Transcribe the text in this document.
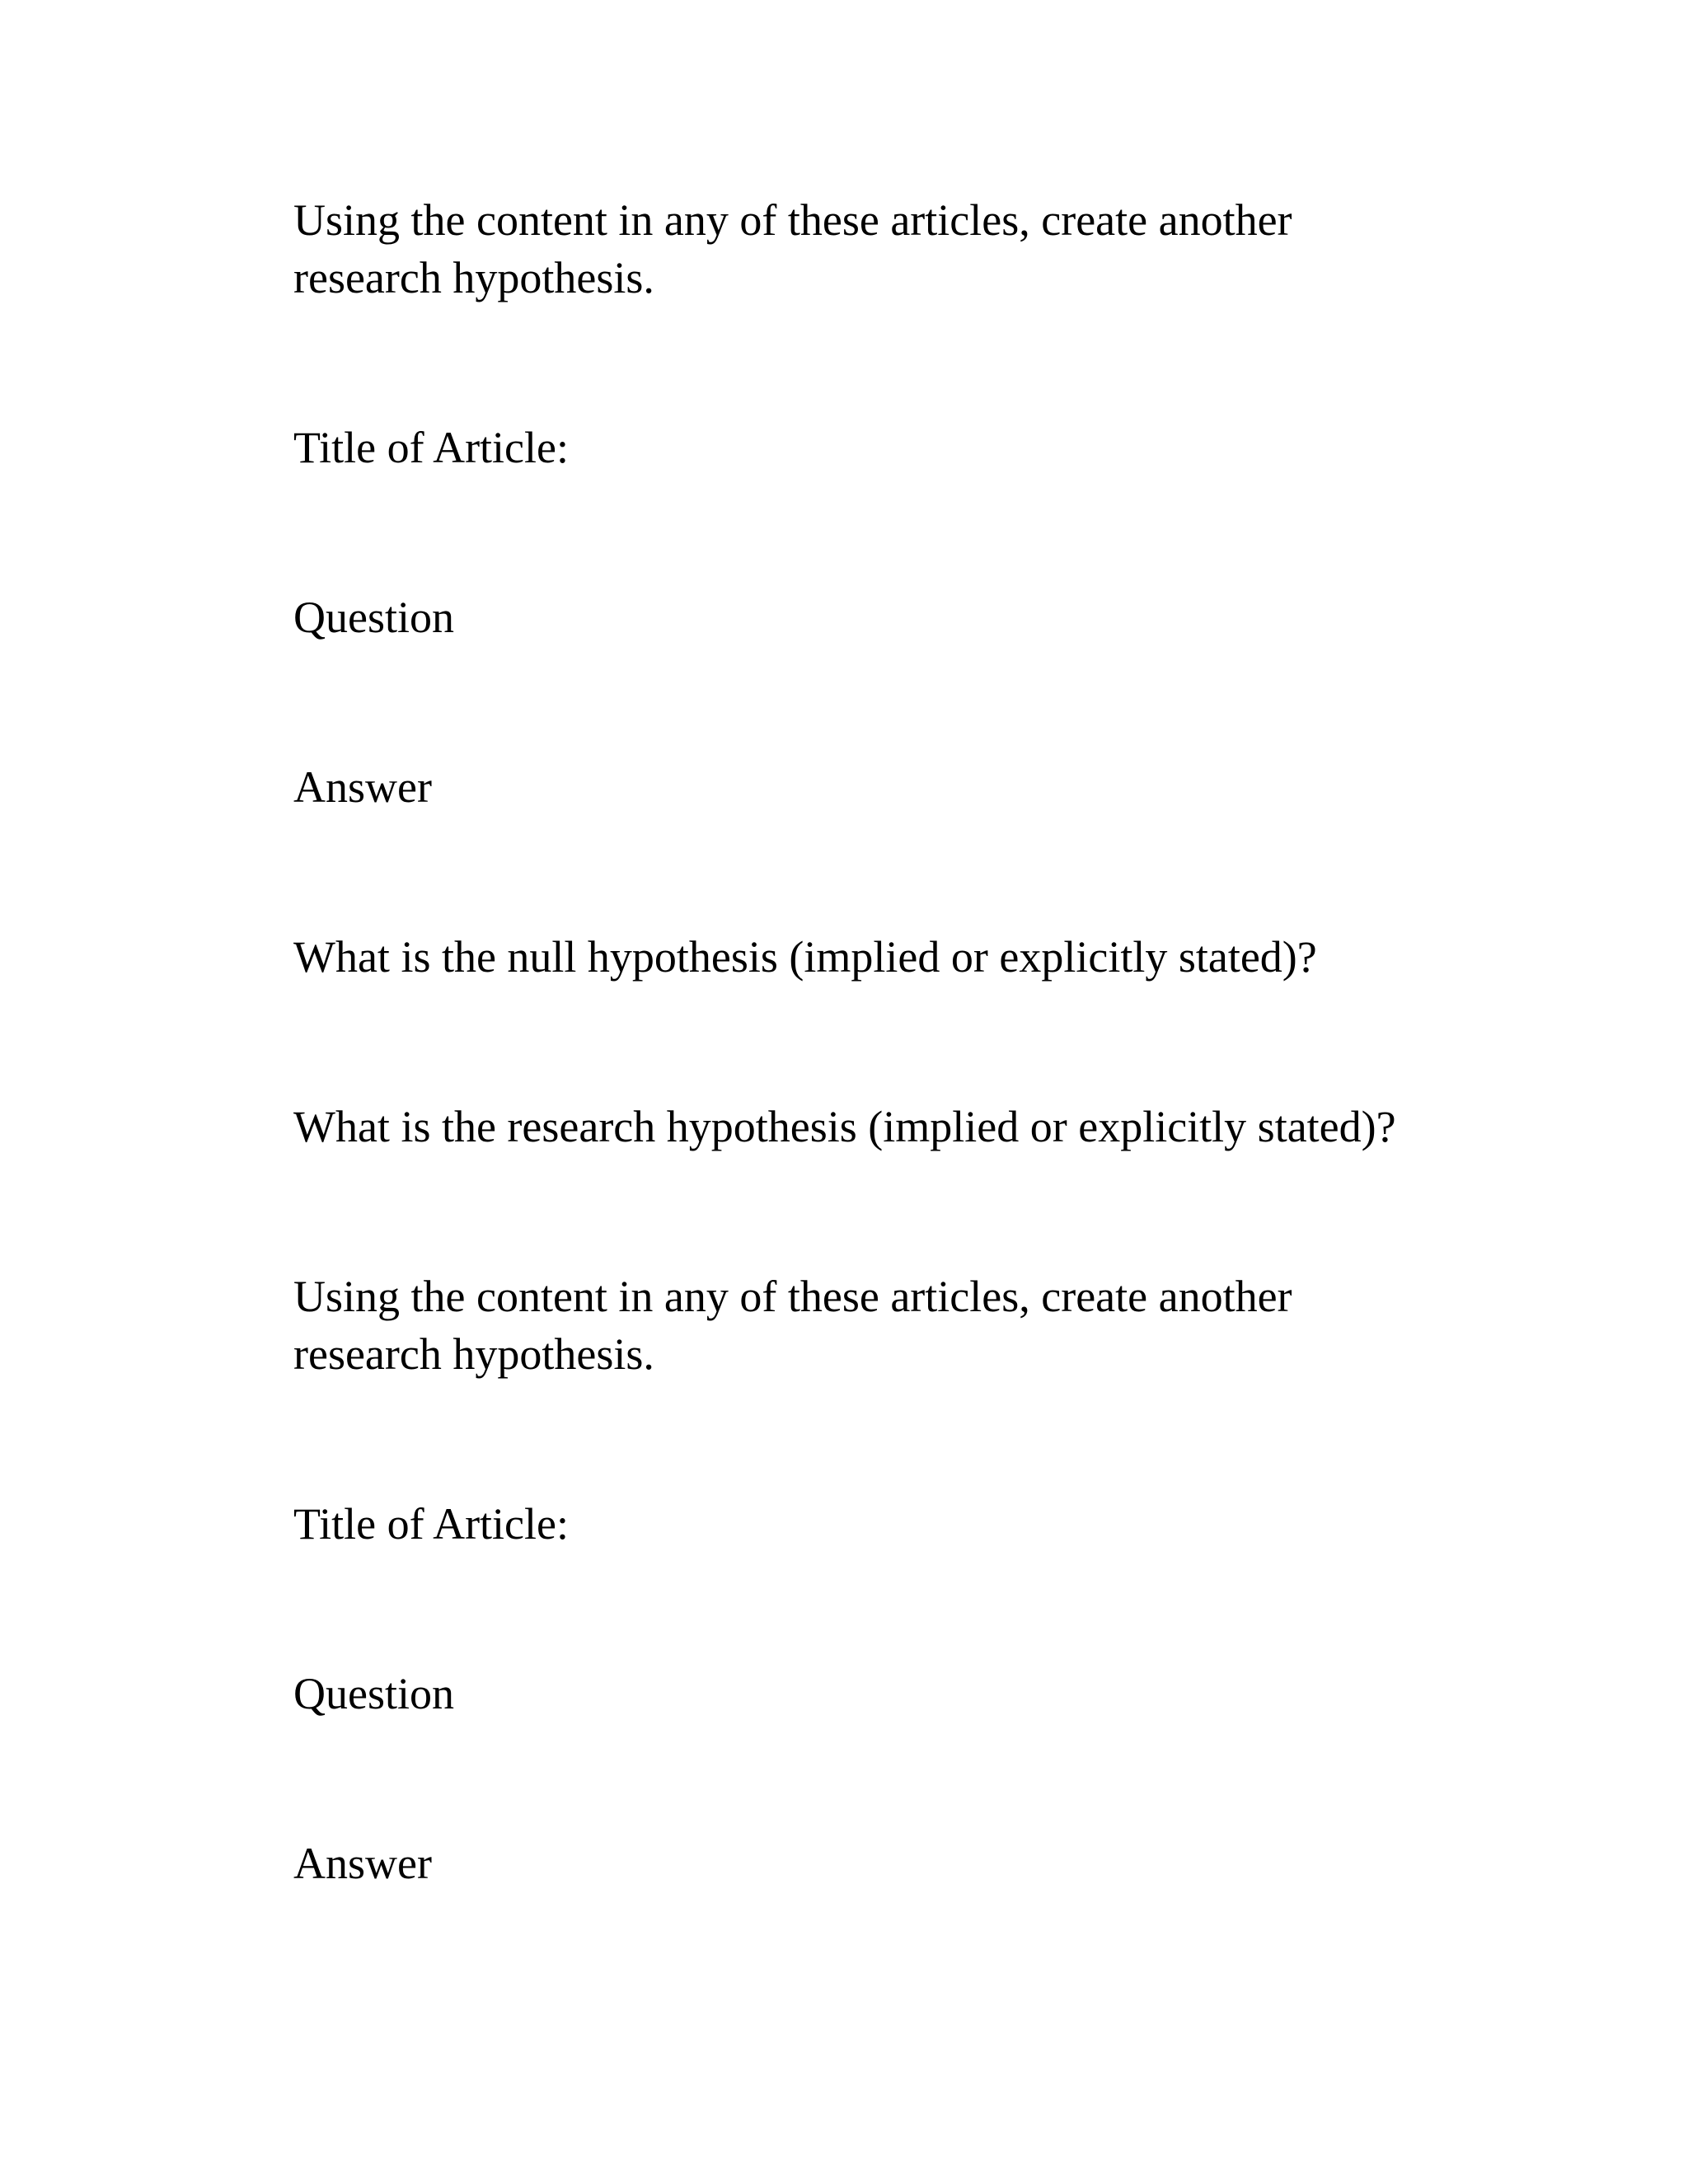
Using the content in any of these articles, create another research hypothesis.

Title of Article:

Question

Answer

What is the null hypothesis (implied or explicitly stated)?

What is the research hypothesis (implied or explicitly stated)?

Using the content in any of these articles, create another research hypothesis.

Title of Article:

Question

Answer
